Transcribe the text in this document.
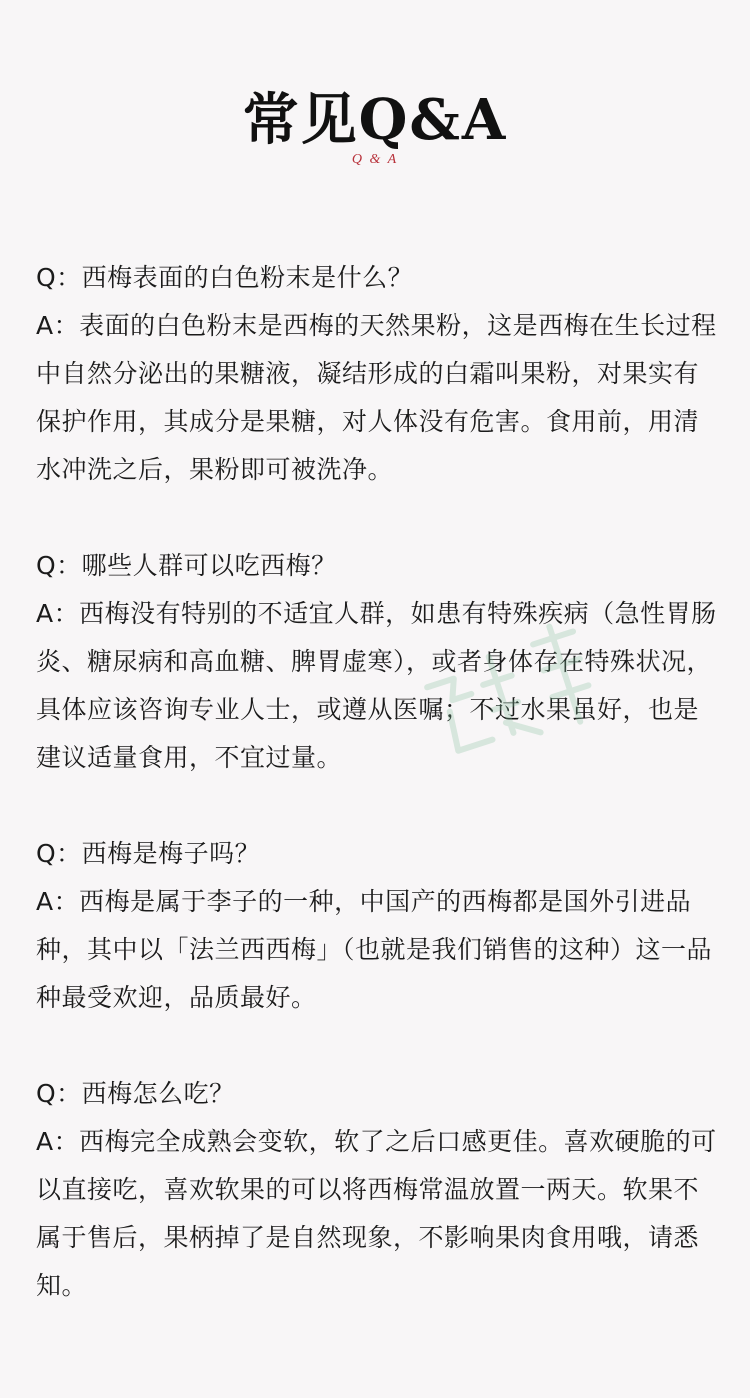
常见Q&A
Q & A

Q：西梅表面的白色粉末是什么？

A：表面的白色粉末是西梅的天然果粉，这是西梅在生长过程中自然分泌出的果糖液，凝结形成的白霜叫果粉，对果实有保护作用，其成分是果糖，对人体没有危害。食用前，用清水冲洗之后，果粉即可被洗净。

Q：哪些人群可以吃西梅？

A：西梅没有特别的不适宜人群，如患有特殊疾病（急性胃肠炎、糖尿病和高血糖、脾胃虚寒），或者身体存在特殊状况，具体应该咨询专业人士，或遵从医嘱；不过水果虽好，也是建议适量食用，不宜过量。

Q：西梅是梅子吗？

A：西梅是属于李子的一种，中国产的西梅都是国外引进品种，其中以「法兰西西梅」（也就是我们销售的这种）这一品种最受欢迎，品质最好。

Q：西梅怎么吃？

A：西梅完全成熟会变软，软了之后口感更佳。喜欢硬脆的可以直接吃，喜欢软果的可以将西梅常温放置一两天。软果不属于售后，果柄掉了是自然现象，不影响果肉食用哦，请悉知。
